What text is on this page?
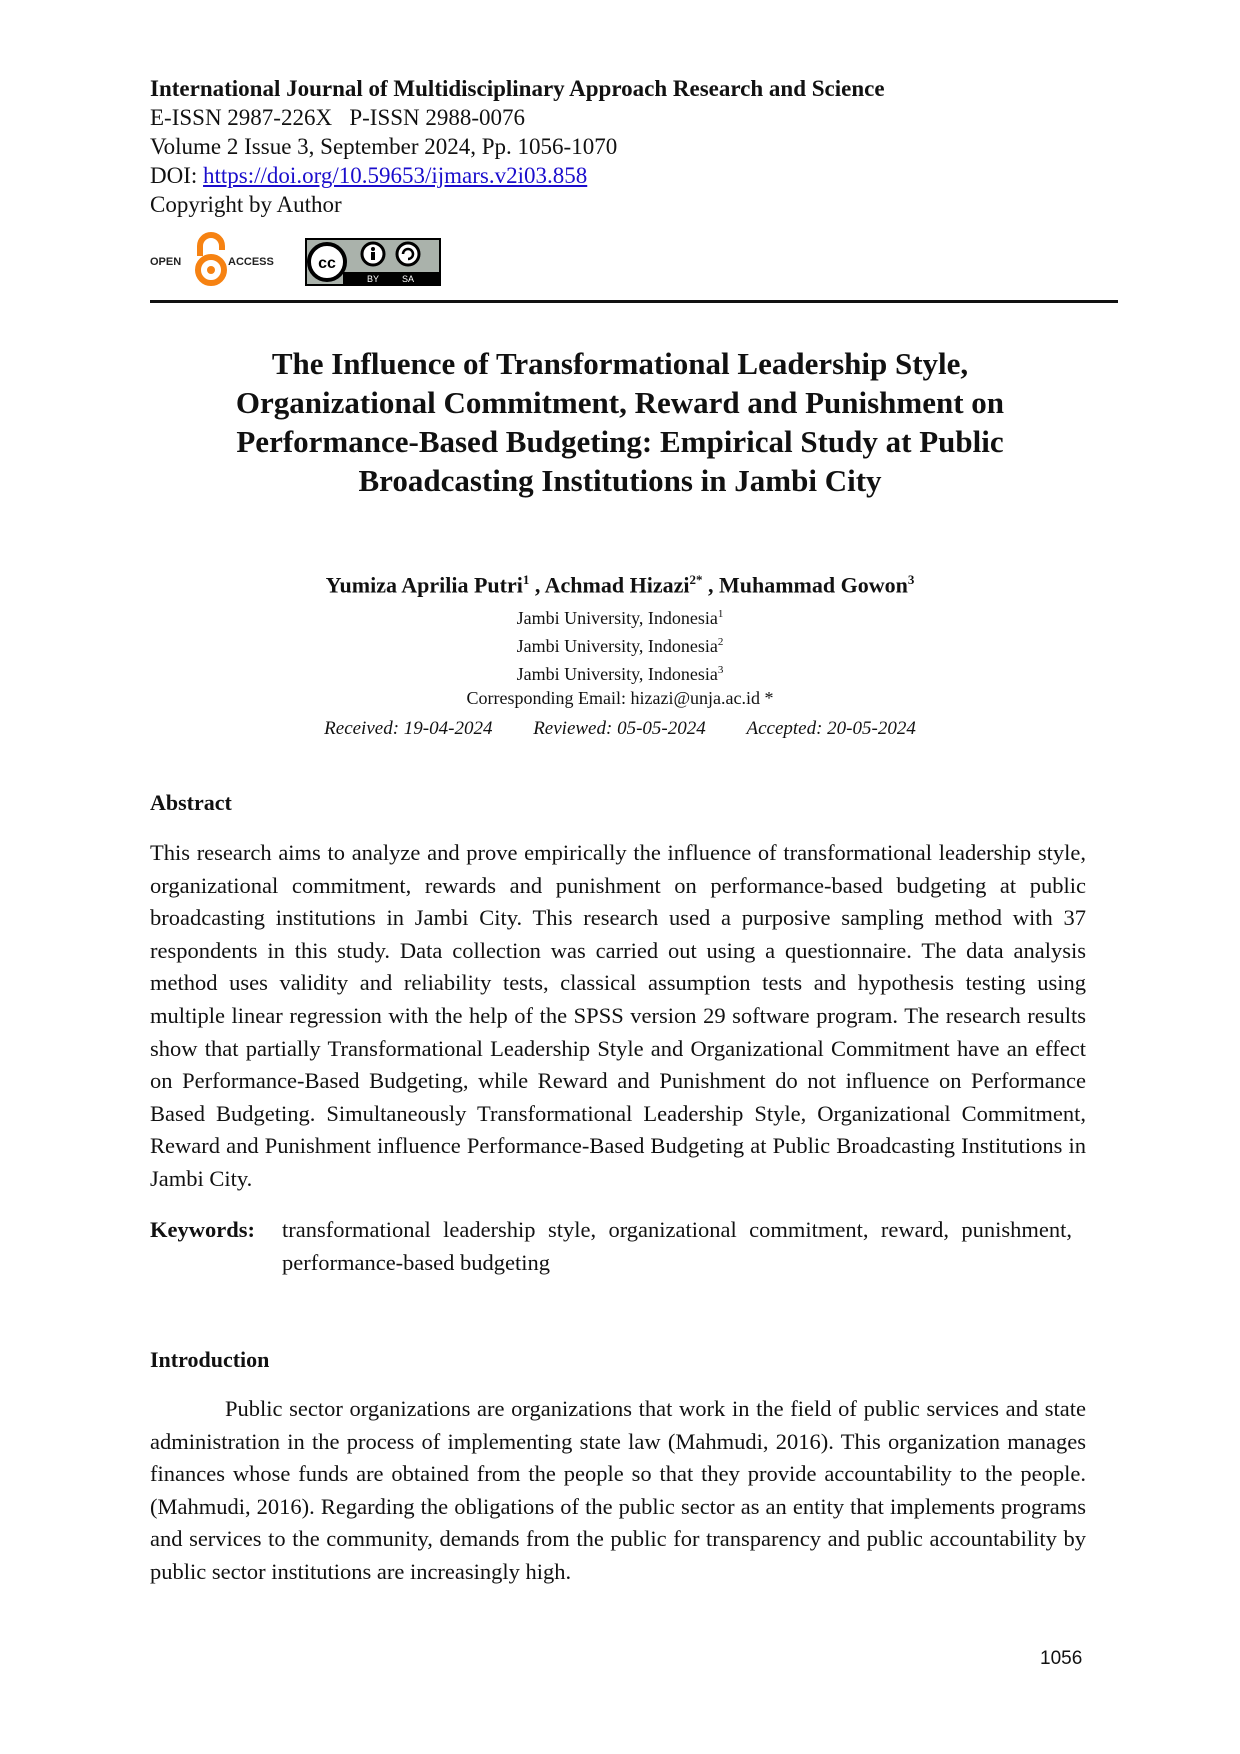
International Journal of Multidisciplinary Approach Research and Science
E-ISSN 2987-226X   P-ISSN 2988-0076
Volume 2 Issue 3, September 2024, Pp. 1056-1070
DOI: https://doi.org/10.59653/ijmars.v2i03.858
Copyright by Author
OPEN	ACCESS	cc
BY	SA
The Influence of Transformational Leadership Style, Organizational Commitment, Reward and Punishment on Performance-Based Budgeting: Empirical Study at Public Broadcasting Institutions in Jambi City
Yumiza Aprilia Putri$^1$ , Achmad Hizazi$^{2*}$ , Muhammad Gowon$^3$
Jambi University, Indonesia$^1$
Jambi University, Indonesia$^2$
Jambi University, Indonesia$^3$
Corresponding Email: hizazi@unja.ac.id *
Received: 19-04-2024 Reviewed: 05-05-2024 Accepted: 20-05-2024
Abstract
This research aims to analyze and prove empirically the influence of transformational leadership style, organizational commitment, rewards and punishment on performance-based budgeting at public broadcasting institutions in Jambi City. This research used a purposive sampling method with 37 respondents in this study. Data collection was carried out using a questionnaire. The data analysis method uses validity and reliability tests, classical assumption tests and hypothesis testing using multiple linear regression with the help of the SPSS version 29 software program. The research results show that partially Transformational Leadership Style and Organizational Commitment have an effect on Performance-Based Budgeting, while Reward and Punishment do not influence on Performance Based Budgeting. Simultaneously Transformational Leadership Style, Organizational Commitment, Reward and Punishment influence Performance-Based Budgeting at Public Broadcasting Institutions in Jambi City.
Keywords:	transformational leadership style, organizational commitment, reward, punishment, performance-based budgeting
Introduction
Public sector organizations are organizations that work in the field of public services and state administration in the process of implementing state law (Mahmudi, 2016). This organization manages finances whose funds are obtained from the people so that they provide accountability to the people. (Mahmudi, 2016). Regarding the obligations of the public sector as an entity that implements programs and services to the community, demands from the public for transparency and public accountability by public sector institutions are increasingly high.
1056
